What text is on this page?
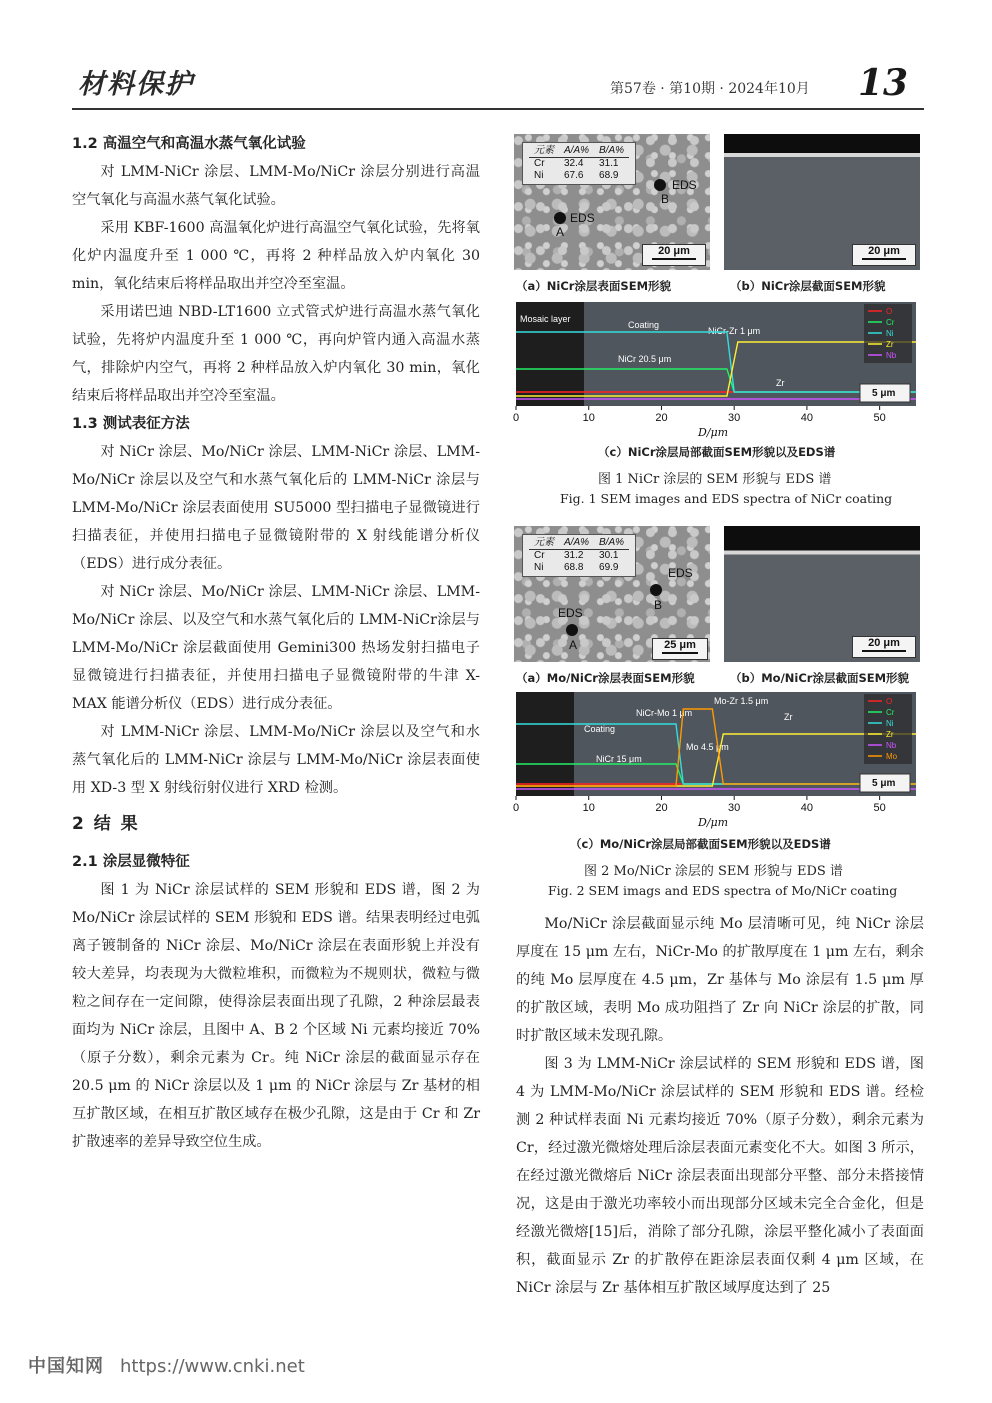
材料保护	第57卷 · 第10期 · 2024年10月 13

1.2 高温空气和高温水蒸气氧化试验

对 LMM-NiCr 涂层、LMM-Mo/NiCr 涂层分别进行高温空气氧化与高温水蒸气氧化试验。

采用 KBF-1600 高温氧化炉进行高温空气氧化试验，先将氧化炉内温度升至 1 000 ℃，再将 2 种样品放入炉内氧化 30 min，氧化结束后将样品取出并空冷至室温。

采用诺巴迪 NBD-LT1600 立式管式炉进行高温水蒸气氧化试验，先将炉内温度升至 1 000 ℃，再向炉管内通入高温水蒸气，排除炉内空气，再将 2 种样品放入炉内氧化 30 min，氧化结束后将样品取出并空冷至室温。

1.3 测试表征方法

对 NiCr 涂层、Mo/NiCr 涂层、LMM-NiCr 涂层、LMM-Mo/NiCr 涂层以及空气和水蒸气氧化后的 LMM-NiCr 涂层与 LMM-Mo/NiCr 涂层表面使用 SU5000 型扫描电子显微镜进行扫描表征，并使用扫描电子显微镜附带的 X 射线能谱分析仪（EDS）进行成分表征。

对 NiCr 涂层、Mo/NiCr 涂层、LMM-NiCr 涂层、LMM-Mo/NiCr 涂层、以及空气和水蒸气氧化后的 LMM-NiCr涂层与 LMM-Mo/NiCr 涂层截面使用 Gemini300 热场发射扫描电子显微镜进行扫描表征，并使用扫描电子显微镜附带的牛津 X-MAX 能谱分析仪（EDS）进行成分表征。

对 LMM-NiCr 涂层、LMM-Mo/NiCr 涂层以及空气和水蒸气氧化后的 LMM-NiCr 涂层与 LMM-Mo/NiCr 涂层表面使用 XD-3 型 X 射线衍射仪进行 XRD 检测。

2 结 果

2.1 涂层显微特征

图 1 为 NiCr 涂层试样的 SEM 形貌和 EDS 谱，图 2 为 Mo/NiCr 涂层试样的 SEM 形貌和 EDS 谱。结果表明经过电弧离子镀制备的 NiCr 涂层、Mo/NiCr 涂层在表面形貌上并没有较大差异，均表现为大微粒堆积，而微粒为不规则状，微粒与微粒之间存在一定间隙，使得涂层表面出现了孔隙，2 种涂层最表面均为 NiCr 涂层，且图中 A、B 2 个区域 Ni 元素均接近 70%（原子分数），剩余元素为 Cr。纯 NiCr 涂层的截面显示存在 20.5 μm 的 NiCr 涂层以及 1 μm 的 NiCr 涂层与 Zr 基材的相互扩散区域，在相互扩散区域存在极少孔隙，这是由于 Cr 和 Zr 扩散速率的差异导致空位生成。

元素	A/A%	B/A%
Cr	32.4	31.1
Ni	67.6	68.9
EDS
B
EDS
A
20 μm	20 μm
（a）NiCr涂层表面SEM形貌	（b）NiCr涂层截面SEM形貌
Mosaic layer
Coating
NiCr-Zr 1 μm
NiCr 20.5 μm
Zr
O
Cr
Ni
Zr
Nb
0	10	20	30	40	50
5 μm
D/μm
（c）NiCr涂层局部截面SEM形貌以及EDS谱
图 1 NiCr 涂层的 SEM 形貌与 EDS 谱
Fig. 1 SEM images and EDS spectra of NiCr coating
元素	A/A%	B/A%
Cr	31.2	30.1
Ni	68.8	69.9	EDS
B
EDS
A	25 μm	20 μm
（a）Mo/NiCr涂层表面SEM形貌	（b）Mo/NiCr涂层截面SEM形貌
Coating
NiCr-Mo 1 μm
Mo-Zr 1.5 μm
Mo 4.5 μm
NiCr 15 μm
Zr
O
Cr
Ni
Zr
Nb
Mo
0	10	20	30	40	50
5 μm
D/μm
（c）Mo/NiCr涂层局部截面SEM形貌以及EDS谱
图 2 Mo/NiCr 涂层的 SEM 形貌与 EDS 谱
Fig. 2 SEM imags and EDS spectra of Mo/NiCr coating

Mo/NiCr 涂层截面显示纯 Mo 层清晰可见，纯 NiCr 涂层厚度在 15 μm 左右，NiCr-Mo 的扩散厚度在 1 μm 左右，剩余的纯 Mo 层厚度在 4.5 μm，Zr 基体与 Mo 涂层有 1.5 μm 厚的扩散区域，表明 Mo 成功阻挡了 Zr 向 NiCr 涂层的扩散，同时扩散区域未发现孔隙。

图 3 为 LMM-NiCr 涂层试样的 SEM 形貌和 EDS 谱，图 4 为 LMM-Mo/NiCr 涂层试样的 SEM 形貌和 EDS 谱。经检测 2 种试样表面 Ni 元素均接近 70%（原子分数），剩余元素为 Cr，经过激光微熔处理后涂层表面元素变化不大。如图 3 所示，在经过激光微熔后 NiCr 涂层表面出现部分平整、部分未搭接情况，这是由于激光功率较小而出现部分区域未完全合金化，但是经激光微熔[15]后，消除了部分孔隙，涂层平整化减小了表面面积，截面显示 Zr 的扩散停在距涂层表面仅剩 4 μm 区域，在 NiCr 涂层与 Zr 基体相互扩散区域厚度达到了 25

中国知网 https://www.cnki.net
